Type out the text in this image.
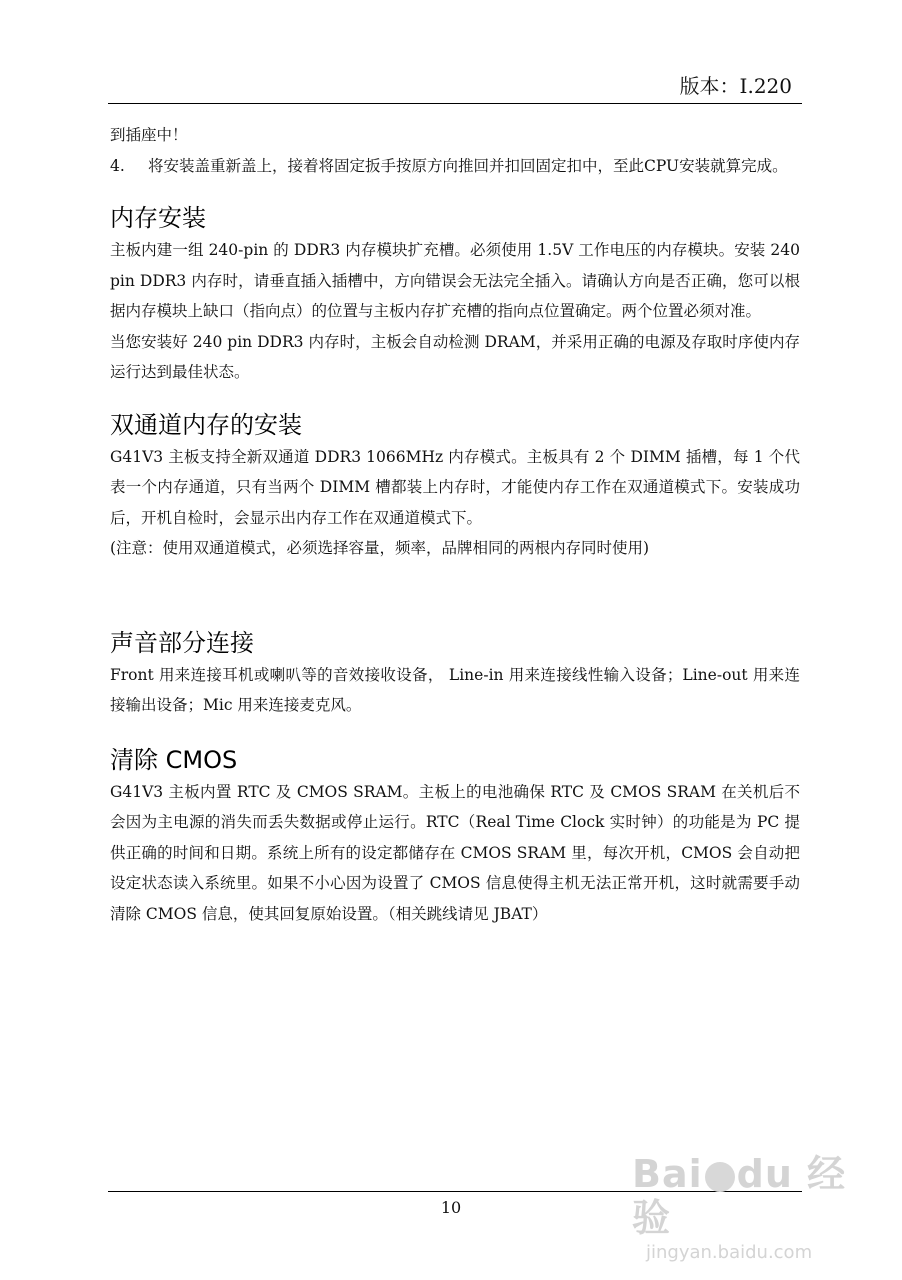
版本：I.220

到插座中！

4.	将安装盖重新盖上，接着将固定扳手按原方向推回并扣回固定扣中，至此CPU安装就算完成。

内存安装

主板内建一组 240-pin 的 DDR3 内存模块扩充槽。必须使用 1.5V 工作电压的内存模块。安装 240 pin DDR3 内存时，请垂直插入插槽中，方向错误会无法完全插入。请确认方向是否正确，您可以根据内存模块上缺口（指向点）的位置与主板内存扩充槽的指向点位置确定。两个位置必须对准。

当您安装好 240 pin DDR3 内存时，主板会自动检测 DRAM，并采用正确的电源及存取时序使内存运行达到最佳状态。

双通道内存的安装

G41V3 主板支持全新双通道 DDR3 1066MHz 内存模式。主板具有 2 个 DIMM 插槽，每 1 个代表一个内存通道，只有当两个 DIMM 槽都装上内存时，才能使内存工作在双通道模式下。安装成功后，开机自检时，会显示出内存工作在双通道模式下。

(注意：使用双通道模式，必须选择容量，频率，品牌相同的两根内存同时使用)

声音部分连接

Front 用来连接耳机或喇叭等的音效接收设备， Line-in 用来连接线性输入设备；Line-out 用来连接输出设备；Mic 用来连接麦克风。

清除 CMOS

G41V3 主板内置 RTC 及 CMOS SRAM。主板上的电池确保 RTC 及 CMOS SRAM 在关机后不会因为主电源的消失而丢失数据或停止运行。RTC（Real Time Clock 实时钟）的功能是为 PC 提供正确的时间和日期。系统上所有的设定都储存在 CMOS SRAM 里，每次开机，CMOS 会自动把设定状态读入系统里。如果不小心因为设置了 CMOS 信息使得主机无法正常开机，这时就需要手动清除 CMOS 信息，使其回复原始设置。（相关跳线请见 JBAT）

10
Bai du 经验
jingyan.baidu.com
